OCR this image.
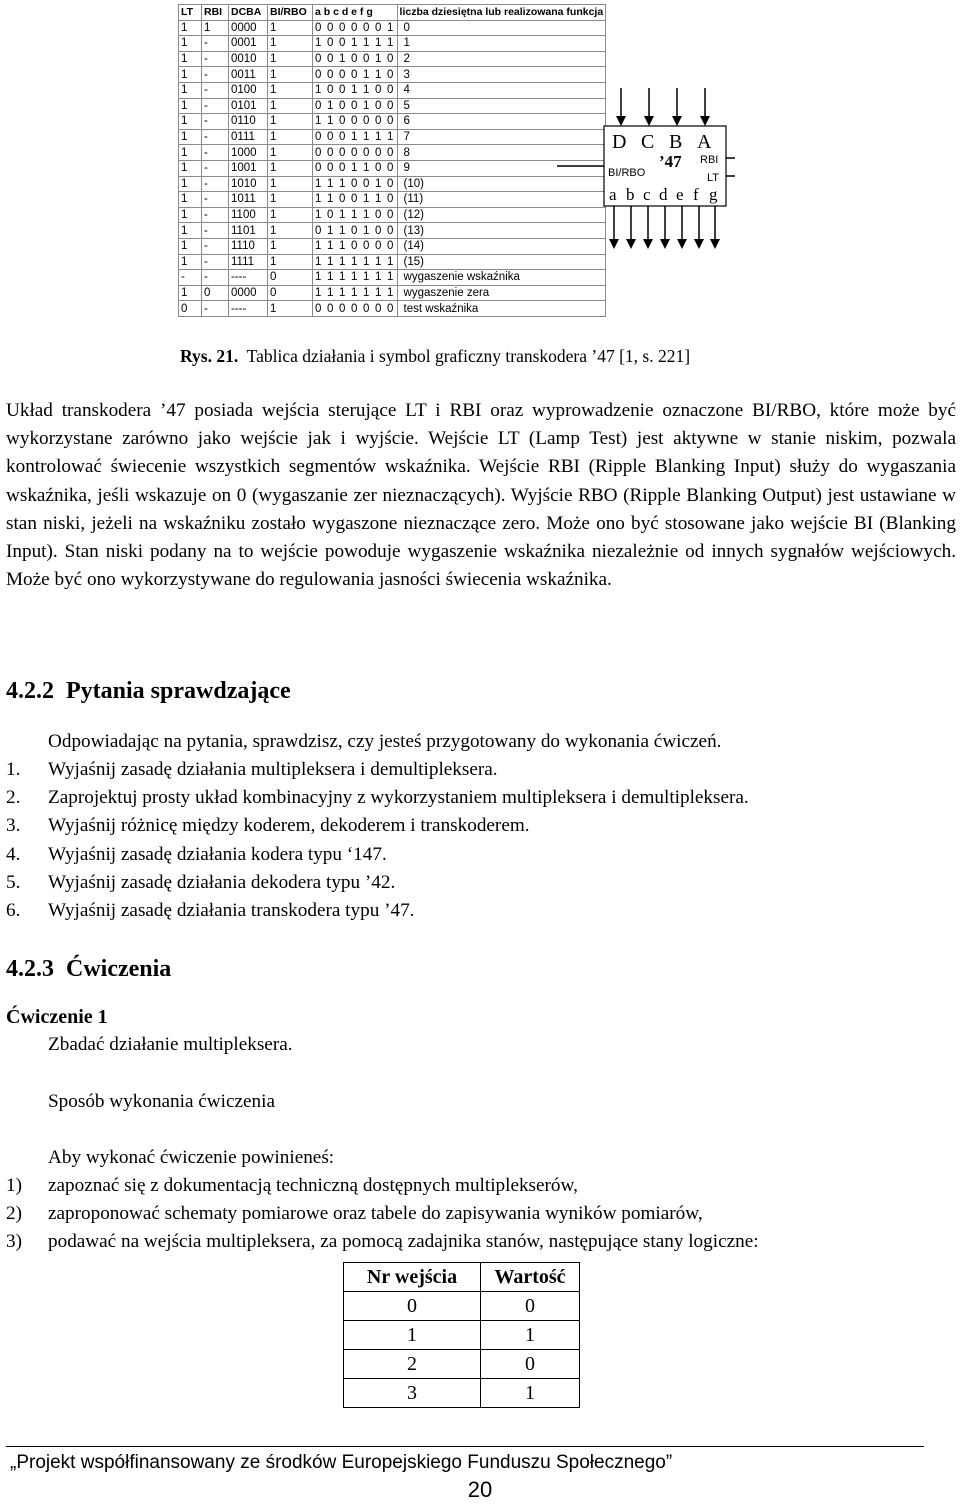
LT	RBI	DCBA	BI/RBO	a b c d e f g	liczba dziesiętna lub realizowana funkcja
1	1	0000	1	0 0 0 0 0 0 1	0
1	-	0001	1	1 0 0 1 1 1 1	1
1	-	0010	1	0 0 1 0 0 1 0	2
1	-	0011	1	0 0 0 0 1 1 0	3
1	-	0100	1	1 0 0 1 1 0 0	4
1	-	0101	1	0 1 0 0 1 0 0	5
1	-	0110	1	1 1 0 0 0 0 0	6
1	-	0111	1	0 0 0 1 1 1 1	7
1	-	1000	1	0 0 0 0 0 0 0	8
1	-	1001	1	0 0 0 1 1 0 0	9
1	-	1010	1	1 1 1 0 0 1 0	(10)
1	-	1011	1	1 1 0 0 1 1 0	(11)
1	-	1100	1	1 0 1 1 1 0 0	(12)
1	-	1101	1	0 1 1 0 1 0 0	(13)
1	-	1110	1	1 1 1 0 0 0 0	(14)
1	-	1111	1	1 1 1 1 1 1 1	(15)
-	-	----	0	1 1 1 1 1 1 1	wygaszenie wskaźnika
1	0	0000	0	1 1 1 1 1 1 1	wygaszenie zera
0	-	----	1	0 0 0 0 0 0 0	test wskaźnika
D C B A
’47
BI/RBO
RBI
LT
a b c d e f g
Rys. 21. Tablica działania i symbol graficzny transkodera ’47 [1, s. 221]
Układ transkodera ’47 posiada wejścia sterujące LT i RBI oraz wyprowadzenie oznaczone BI/RBO, które może być wykorzystane zarówno jako wejście jak i wyjście. Wejście LT (Lamp Test) jest aktywne w stanie niskim, pozwala kontrolować świecenie wszystkich segmentów wskaźnika. Wejście RBI (Ripple Blanking Input) służy do wygaszania wskaźnika, jeśli wskazuje on 0 (wygaszanie zer nieznaczących). Wyjście RBO (Ripple Blanking Output) jest ustawiane w stan niski, jeżeli na wskaźniku zostało wygaszone nieznaczące zero. Może ono być stosowane jako wejście BI (Blanking Input). Stan niski podany na to wejście powoduje wygaszenie wskaźnika niezależnie od innych sygnałów wejściowych. Może być ono wykorzystywane do regulowania jasności świecenia wskaźnika.
4.2.2 Pytania sprawdzające
Odpowiadając na pytania, sprawdzisz, czy jesteś przygotowany do wykonania ćwiczeń.
1. Wyjaśnij zasadę działania multipleksera i demultipleksera.
2. Zaprojektuj prosty układ kombinacyjny z wykorzystaniem multipleksera i demultipleksera.
3. Wyjaśnij różnicę między koderem, dekoderem i transkoderem.
4. Wyjaśnij zasadę działania kodera typu ‘147.
5. Wyjaśnij zasadę działania dekodera typu ’42.
6. Wyjaśnij zasadę działania transkodera typu ’47.
4.2.3 Ćwiczenia
Ćwiczenie 1
Zbadać działanie multipleksera.
Sposób wykonania ćwiczenia
Aby wykonać ćwiczenie powinieneś:
1) zapoznać się z dokumentacją techniczną dostępnych multiplekserów,
2) zaproponować schematy pomiarowe oraz tabele do zapisywania wyników pomiarów,
3) podawać na wejścia multipleksera, za pomocą zadajnika stanów, następujące stany logiczne:
Nr wejścia	Wartość
0	0
1	1
2	0
3	1
„Projekt współfinansowany ze środków Europejskiego Funduszu Społecznego”
20
